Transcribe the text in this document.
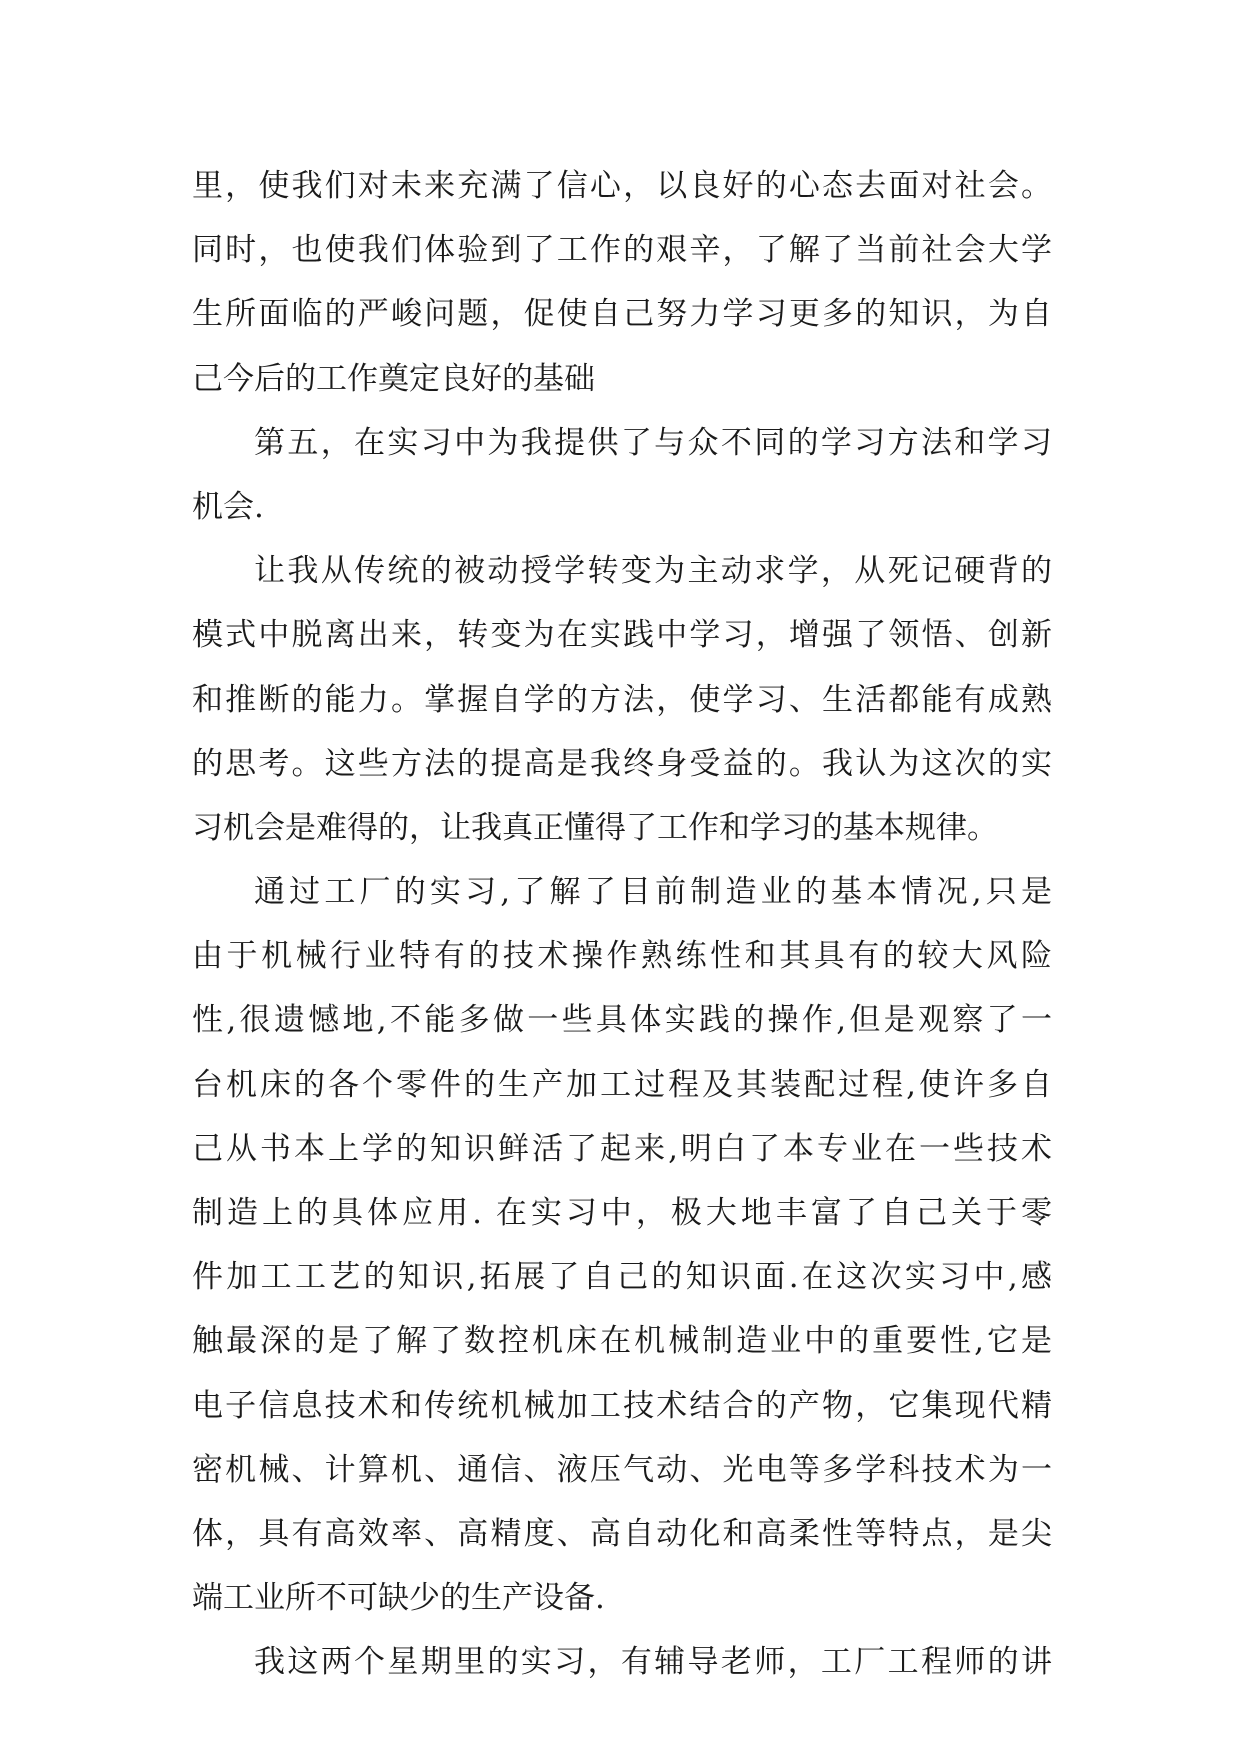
里，使我们对未来充满了信心，以良好的心态去面对社会。
同时，也使我们体验到了工作的艰辛，了解了当前社会大学
生所面临的严峻问题，促使自己努力学习更多的知识，为自
己今后的工作奠定良好的基础
第五，在实习中为我提供了与众不同的学习方法和学习
机会.
让我从传统的被动授学转变为主动求学，从死记硬背的
模式中脱离出来，转变为在实践中学习，增强了领悟、创新
和推断的能力。掌握自学的方法，使学习、生活都能有成熟
的思考。这些方法的提高是我终身受益的。我认为这次的实
习机会是难得的，让我真正懂得了工作和学习的基本规律。
通过工厂的实习,了解了目前制造业的基本情况,只是
由于机械行业特有的技术操作熟练性和其具有的较大风险
性,很遗憾地,不能多做一些具体实践的操作,但是观察了一
台机床的各个零件的生产加工过程及其装配过程,使许多自
己从书本上学的知识鲜活了起来,明白了本专业在一些技术
制造上的具体应用. 在实习中，极大地丰富了自己关于零
件加工工艺的知识,拓展了自己的知识面.在这次实习中,感
触最深的是了解了数控机床在机械制造业中的重要性,它是
电子信息技术和传统机械加工技术结合的产物，它集现代精
密机械、计算机、通信、液压气动、光电等多学科技术为一
体，具有高效率、高精度、高自动化和高柔性等特点，是尖
端工业所不可缺少的生产设备.
我这两个星期里的实习，有辅导老师，工厂工程师的讲
